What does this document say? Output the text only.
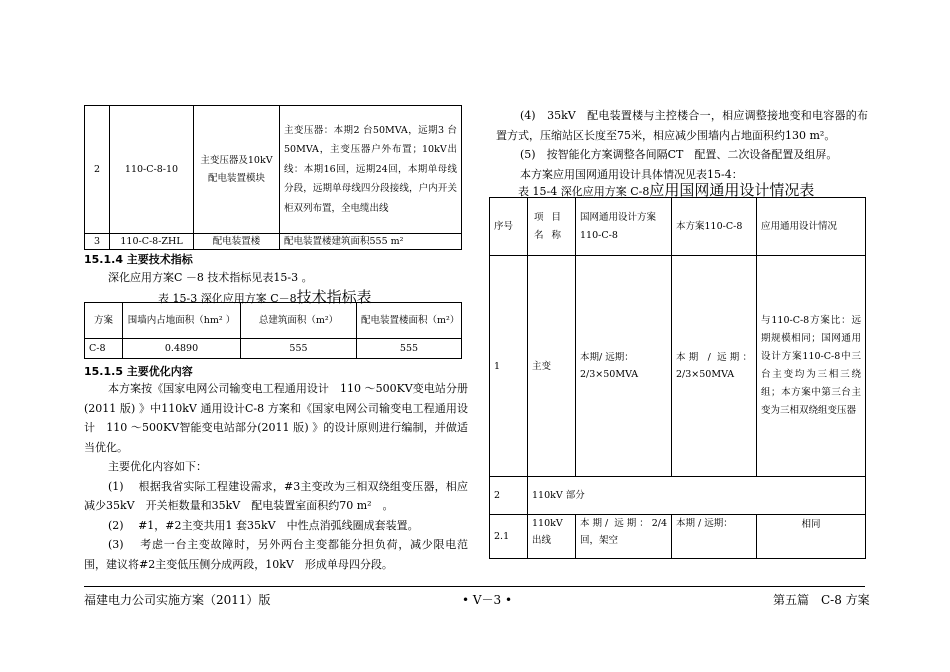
2	110-C-8-10	主变压器及10kV配电装置模块	主变压器：本期2 台50MVA，远期3 台50MVA，主变压器户外布置；10kV出线：本期16回，远期24回，本期单母线分段，远期单母线四分段接线，户内开关柜双列布置，全电缆出线
3	110-C-8-ZHL	配电装置楼	配电装置楼建筑面积555 m²
15.1.4 主要技术指标
深化应用方案C －8 技术指标见表15-3 。
表 15-3 深化应用方案 C－8技术指标表
方案	围墙内占地面积（hm² ）	总建筑面积（m²）	配电装置楼面积（m²）
C-8	0.4890	555	555
15.1.5 主要优化内容

本方案按《国家电网公司输变电工程通用设计　110 ～500KV变电站分册(2011 版) 》中110kV 通用设计C-8 方案和《国家电网公司输变电工程通用设计　110 ～500KV智能变电站部分(2011 版) 》的设计原则进行编制，并做适当优化。

主要优化内容如下：

(1)　 根据我省实际工程建设需求，#3主变改为三相双绕组变压器，相应减少35kV　开关柜数量和35kV　配电装置室面积约70 m²　。

(2)　 #1，#2主变共用1 套35kV　中性点消弧线圈成套装置。

(3)　 考虑一台主变故障时，另外两台主变都能分担负荷，减少限电范围，建议将#2主变低压侧分成两段，10kV　形成单母四分段。

(4)　35kV　配电装置楼与主控楼合一，相应调整接地变和电容器的布置方式，压缩站区长度至75米，相应减少围墙内占地面积约130 m²。

(5)　按智能化方案调整各间隔CT　配置、二次设备配置及组屏。

本方案应用国网通用设计具体情况见表15-4：

表 15-4 深化应用方案 C-8应用国网通用设计情况表
序号	项目名称	国网通用设计方案110-C-8	本方案110-C-8	应用通用设计情况
1	主变	本期/ 远期：2/3×50MVA	本期 / 远期：2/3×50MVA	与110-C-8方案比：远期规模相同；国网通用设计方案110-C-8中三台主变均为三相三绕组；本方案中第三台主变为三相双绕组变压器
2	110kV 部分			
2.1	110kV出线	本期/ 远期：2/4 回，架空	本期 / 远期：	相同
福建电力公司实施方案（2011）版	• Ⅴ－3 •	第五篇　C-8 方案
